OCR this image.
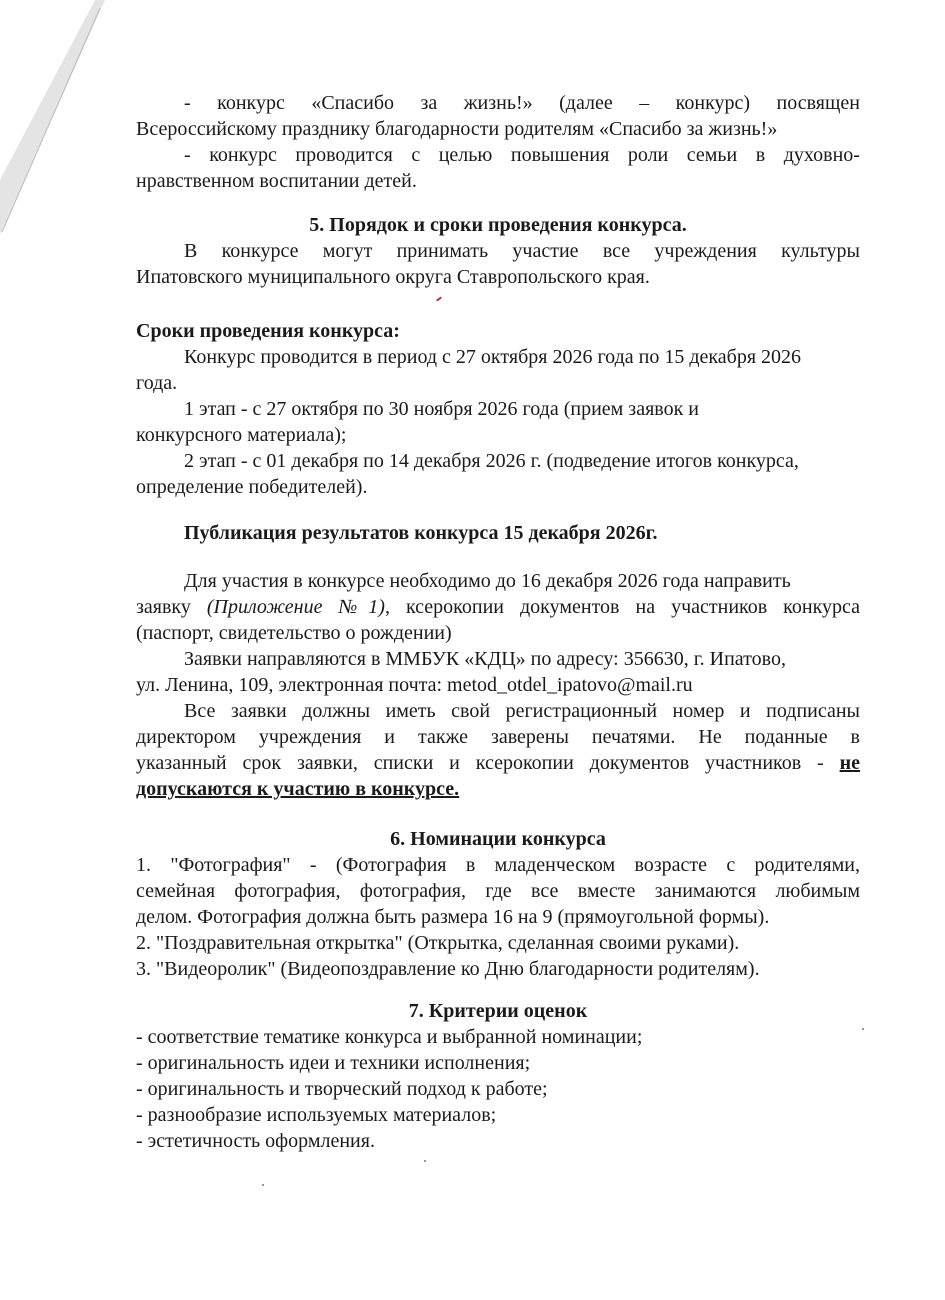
- конкурс «Спасибо за жизнь!» (далее – конкурс) посвящен

Всероссийскому празднику благодарности родителям «Спасибо за жизнь!»

- конкурс проводится с целью повышения роли семьи в духовно-

нравственном воспитании детей.

5. Порядок и сроки проведения конкурса.

В конкурсе могут принимать участие все учреждения культуры

Ипатовского муниципального округа Ставропольского края.

Сроки проведения конкурса:

Конкурс проводится в период с 27 октября 2026 года по 15 декабря 2026

года.

1 этап - с 27 октября по 30 ноября 2026 года (прием заявок и

конкурсного материала);

2 этап - с 01 декабря по 14 декабря 2026 г. (подведение итогов конкурса,

определение победителей).

Публикация результатов конкурса 15 декабря 2026г.

Для участия в конкурсе необходимо до 16 декабря 2026 года направить

заявку (Приложение №1), ксерокопии документов на участников конкурса

(паспорт, свидетельство о рождении)

Заявки направляются в ММБУК «КДЦ» по адресу: 356630, г. Ипатово,

ул. Ленина, 109, электронная почта: metod_otdel_ipatovo@mail.ru

Все заявки должны иметь свой регистрационный номер и подписаны

директором учреждения и также заверены печатями. Не поданные в

указанный срок заявки, списки и ксерокопии документов участников - не

допускаются к участию в конкурсе.

6. Номинации конкурса

1. "Фотография" - (Фотография в младенческом возрасте с родителями,

семейная фотография, фотография, где все вместе занимаются любимым

делом. Фотография должна быть размера 16 на 9 (прямоугольной формы).

2. "Поздравительная открытка" (Открытка, сделанная своими руками).

3. "Видеоролик" (Видеопоздравление ко Дню благодарности родителям).

7. Критерии оценок

- соответствие тематике конкурса и выбранной номинации;
- оригинальность идеи и техники исполнения;
- оригинальность и творческий подход к работе;
- разнообразие используемых материалов;
- эстетичность оформления.
